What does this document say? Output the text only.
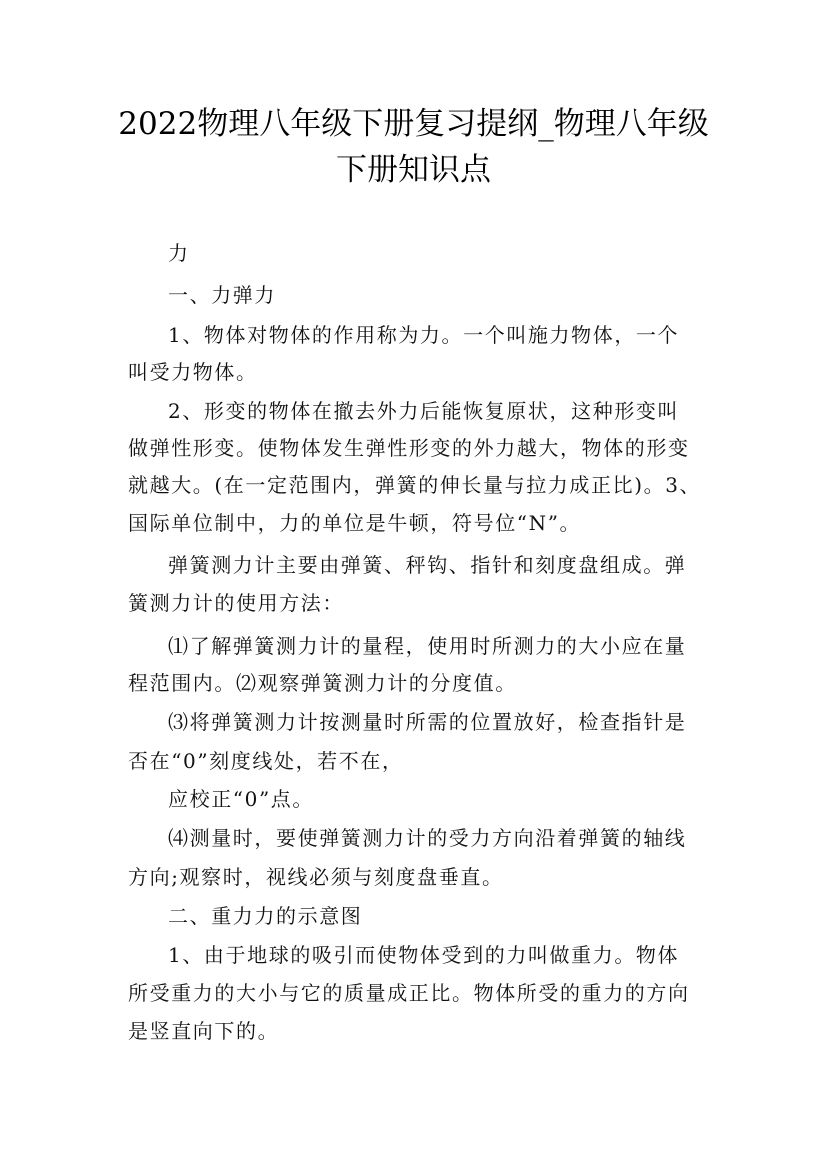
2022物理八年级下册复习提纲_物理八年级
下册知识点
力
一、力弹力
1、物体对物体的作用称为力。一个叫施力物体，一个
叫受力物体。
2、形变的物体在撤去外力后能恢复原状，这种形变叫
做弹性形变。使物体发生弹性形变的外力越大，物体的形变
就越大。(在一定范围内，弹簧的伸长量与拉力成正比)。3、
国际单位制中，力的单位是牛顿，符号位“N”。
弹簧测力计主要由弹簧、秤钩、指针和刻度盘组成。弹
簧测力计的使用方法：
⑴了解弹簧测力计的量程，使用时所测力的大小应在量
程范围内。⑵观察弹簧测力计的分度值。
⑶将弹簧测力计按测量时所需的位置放好，检查指针是
否在“0”刻度线处，若不在，
应校正“0”点。
⑷测量时，要使弹簧测力计的受力方向沿着弹簧的轴线
方向;观察时，视线必须与刻度盘垂直。
二、重力力的示意图
1、由于地球的吸引而使物体受到的力叫做重力。物体
所受重力的大小与它的质量成正比。物体所受的重力的方向
是竖直向下的。
